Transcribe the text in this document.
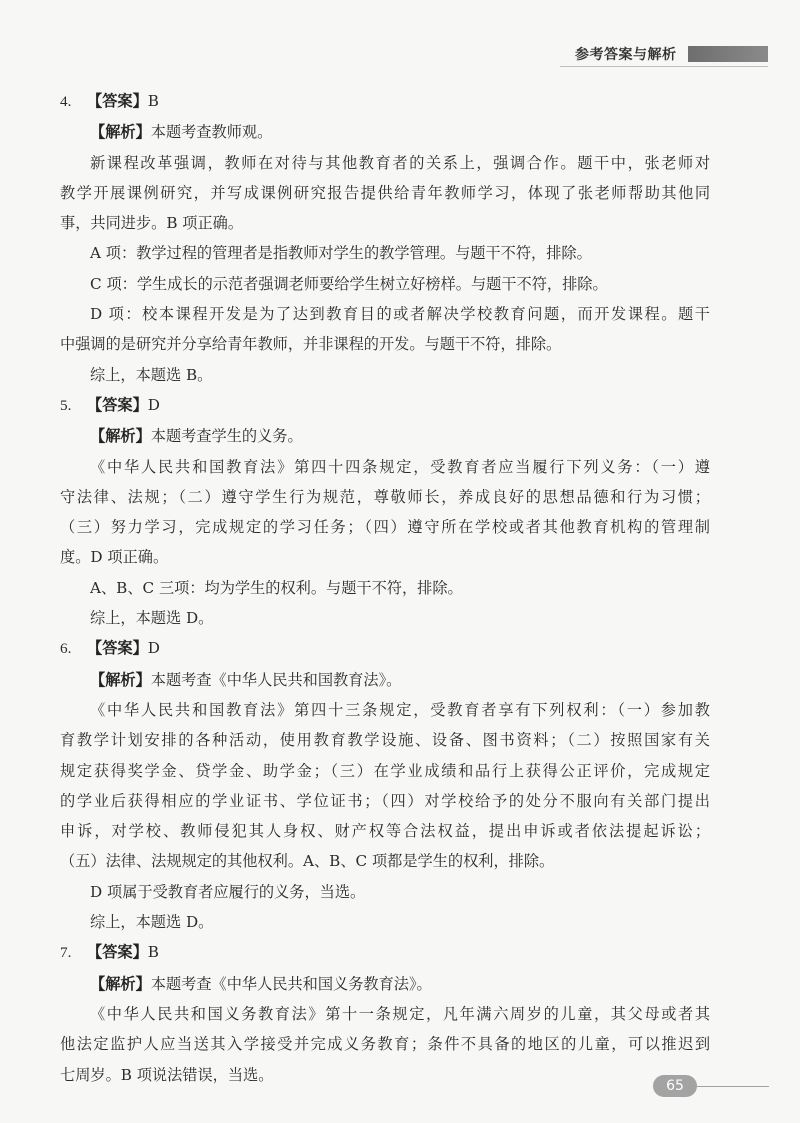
参考答案与解析
4. 【答案】B
【解析】本题考查教师观。
新课程改革强调，教师在对待与其他教育者的关系上，强调合作。题干中，张老师对
教学开展课例研究，并写成课例研究报告提供给青年教师学习，体现了张老师帮助其他同
事，共同进步。B 项正确。
A 项：教学过程的管理者是指教师对学生的教学管理。与题干不符，排除。
C 项：学生成长的示范者强调老师要给学生树立好榜样。与题干不符，排除。
D 项：校本课程开发是为了达到教育目的或者解决学校教育问题，而开发课程。题干
中强调的是研究并分享给青年教师，并非课程的开发。与题干不符，排除。
综上，本题选 B。
5. 【答案】D
【解析】本题考查学生的义务。
《中华人民共和国教育法》第四十四条规定，受教育者应当履行下列义务：（一）遵
守法律、法规；（二）遵守学生行为规范，尊敬师长，养成良好的思想品德和行为习惯；
（三）努力学习，完成规定的学习任务；（四）遵守所在学校或者其他教育机构的管理制
度。D 项正确。
A、B、C 三项：均为学生的权利。与题干不符，排除。
综上，本题选 D。
6. 【答案】D
【解析】本题考查《中华人民共和国教育法》。
《中华人民共和国教育法》第四十三条规定，受教育者享有下列权利：（一）参加教
育教学计划安排的各种活动，使用教育教学设施、设备、图书资料；（二）按照国家有关
规定获得奖学金、贷学金、助学金；（三）在学业成绩和品行上获得公正评价，完成规定
的学业后获得相应的学业证书、学位证书；（四）对学校给予的处分不服向有关部门提出
申诉，对学校、教师侵犯其人身权、财产权等合法权益，提出申诉或者依法提起诉讼；
（五）法律、法规规定的其他权利。A、B、C 项都是学生的权利，排除。
D 项属于受教育者应履行的义务，当选。
综上，本题选 D。
7. 【答案】B
【解析】本题考查《中华人民共和国义务教育法》。
《中华人民共和国义务教育法》第十一条规定，凡年满六周岁的儿童，其父母或者其
他法定监护人应当送其入学接受并完成义务教育；条件不具备的地区的儿童，可以推迟到
七周岁。B 项说法错误，当选。
65
